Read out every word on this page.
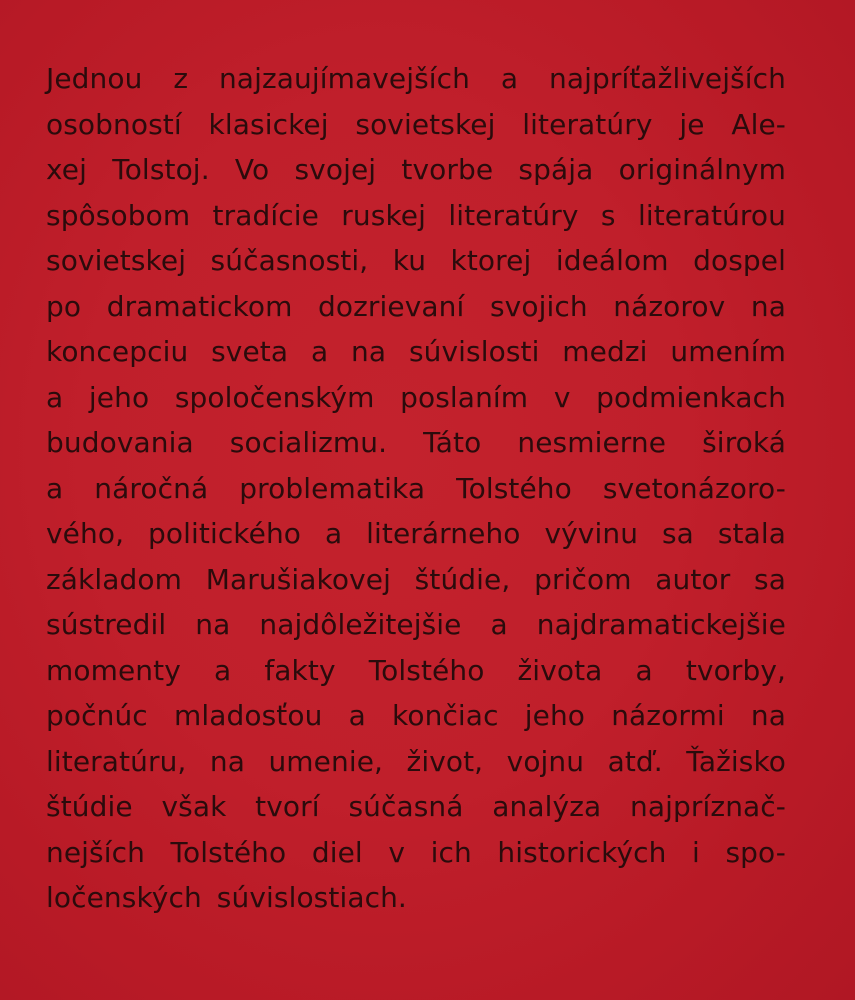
Jednou z najzaujímavejších a najpríťažlivejších
osobností klasickej sovietskej literatúry je Ale-
xej Tolstoj. Vo svojej tvorbe spája originálnym
spôsobom tradície ruskej literatúry s literatúrou
sovietskej súčasnosti, ku ktorej ideálom dospel
po dramatickom dozrievaní svojich názorov na
koncepciu sveta a na súvislosti medzi umením
a jeho spoločenským poslaním v podmienkach
budovania socializmu. Táto nesmierne široká
a náročná problematika Tolstého svetonázoro-
vého, politického a literárneho vývinu sa stala
základom Marušiakovej štúdie, pričom autor sa
sústredil na najdôležitejšie a najdramatickejšie
momenty a fakty Tolstého života a tvorby,
počnúc mladosťou a končiac jeho názormi na
literatúru, na umenie, život, vojnu atď. Ťažisko
štúdie však tvorí súčasná analýza najpríznač-
nejších Tolstého diel v ich historických i spo-
ločenských súvislostiach.
